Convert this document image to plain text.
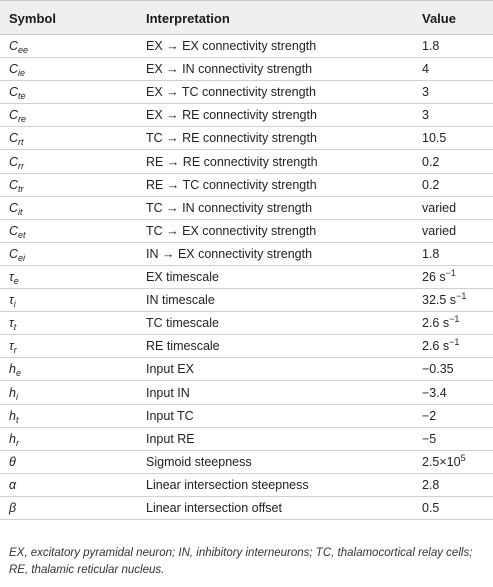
Symbol	Interpretation	Value
$C_{ee}$	EX → EX connectivity strength	1.8
$C_{ie}$	EX → IN connectivity strength	4
$C_{te}$	EX → TC connectivity strength	3
$C_{re}$	EX → RE connectivity strength	3
$C_{rt}$	TC → RE connectivity strength	10.5
$C_{rr}$	RE → RE connectivity strength	0.2
$C_{tr}$	RE → TC connectivity strength	0.2
$C_{it}$	TC → IN connectivity strength	varied
$C_{et}$	TC → EX connectivity strength	varied
$C_{ei}$	IN → EX connectivity strength	1.8
$\tau_e$	EX timescale	26 $s^{-1}$
$\tau_i$	IN timescale	32.5 $s^{-1}$
$\tau_t$	TC timescale	2.6 $s^{-1}$
$\tau_r$	RE timescale	2.6 $s^{-1}$
$h_e$	Input EX	−0.35
$h_i$	Input IN	−3.4
$h_t$	Input TC	−2
$h_r$	Input RE	−5
θ	Sigmoid steepness	$2.5\times 10^5$
α	Linear intersection steepness	2.8
β	Linear intersection offset	0.5
EX, excitatory pyramidal neuron; IN, inhibitory interneurons; TC, thalamocortical relay cells; RE, thalamic reticular nucleus.
